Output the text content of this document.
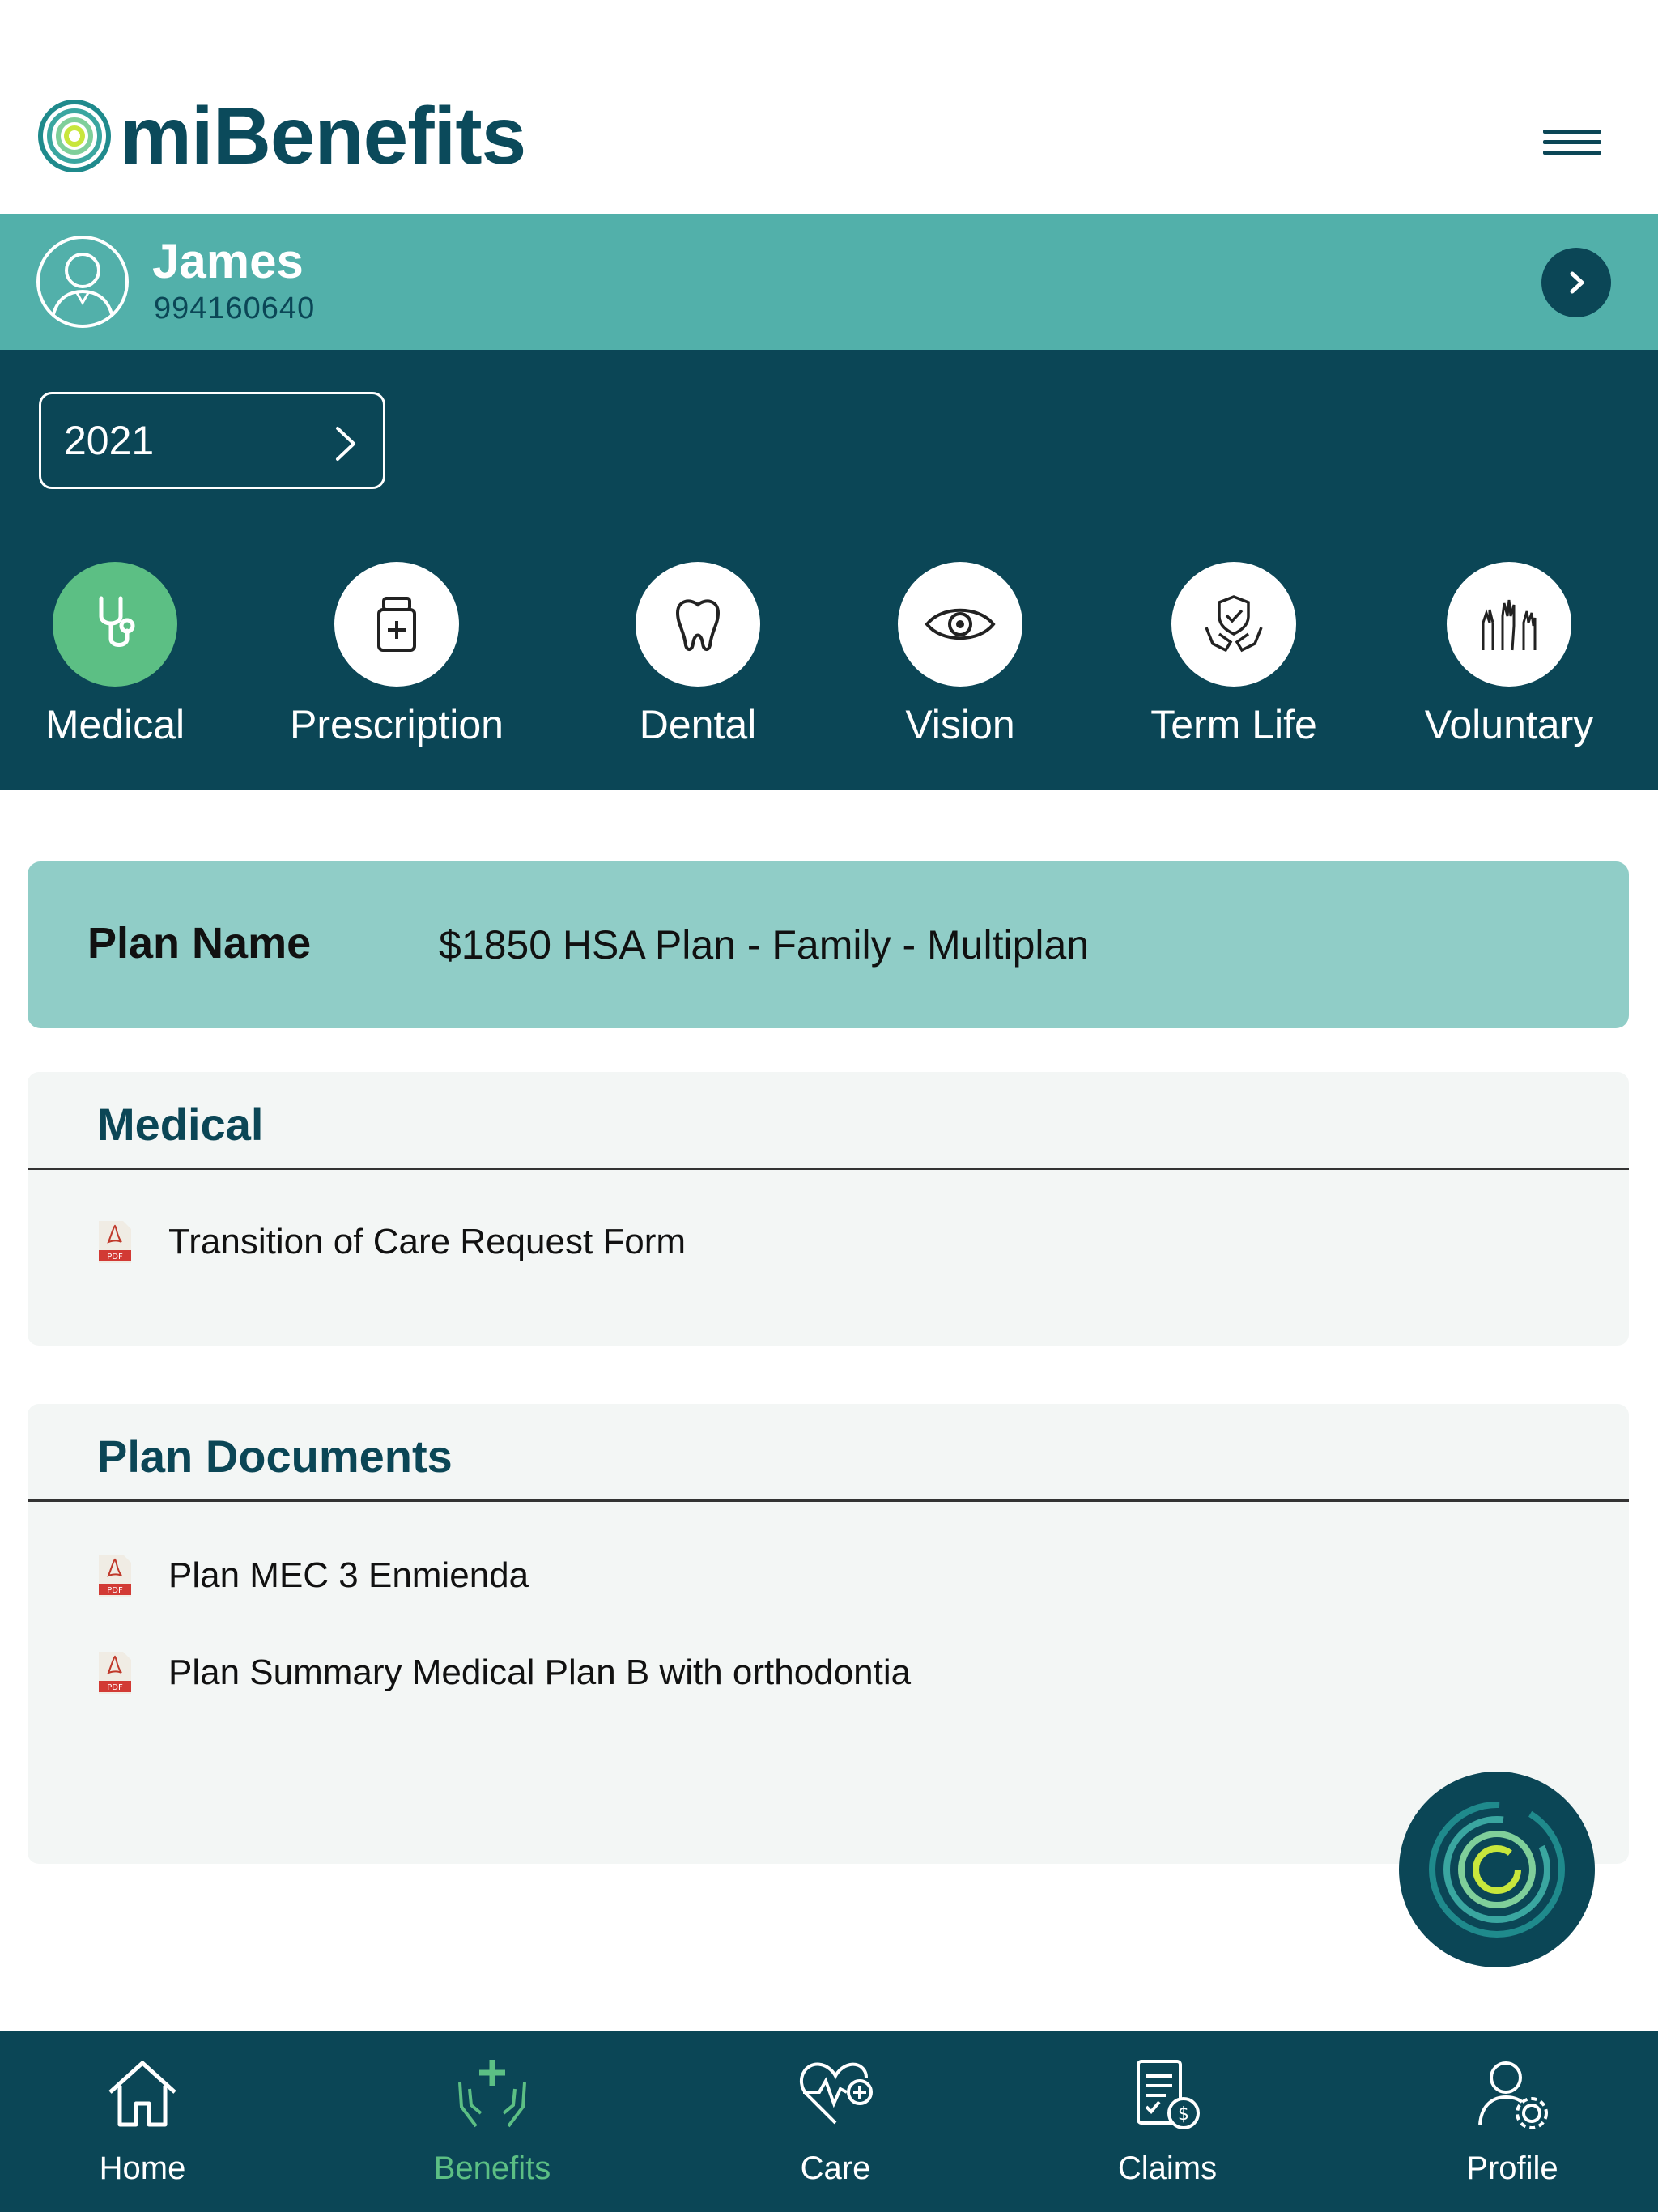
miBenefits
James
994160640
2021
Medical	Prescription	Dental	Vision	Term Life	Voluntary
Plan Name	$1850 HSA Plan - Family - Multiplan
Medical
PDF Transition of Care Request Form
Plan Documents
PDF Plan MEC 3 Enmienda
PDF Plan Summary Medical Plan B with orthodontia
Home	Benefits	Care
$
Claims	Profile
